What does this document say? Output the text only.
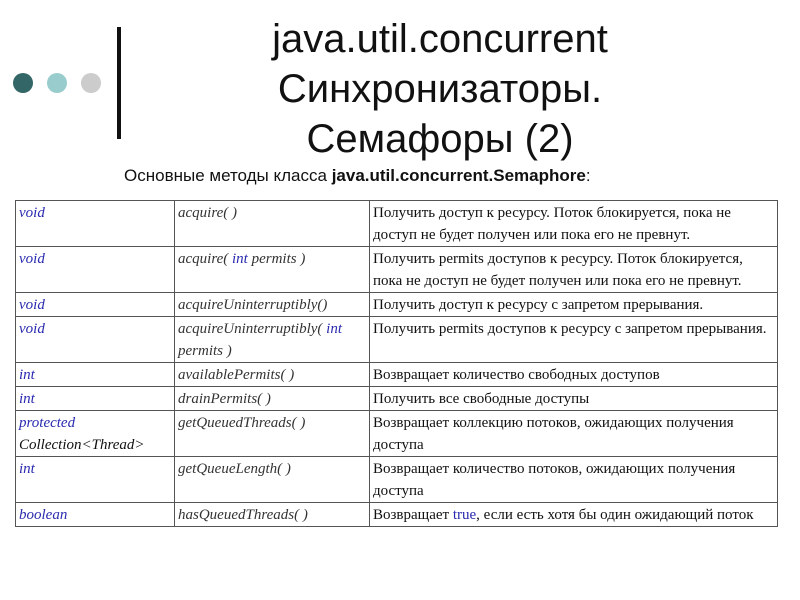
java.util.concurrent
Синхронизаторы.
Семафоры (2)
Основные методы класса java.util.concurrent.Semaphore:
void	acquire( )	Получить доступ к ресурсу. Поток блокируется, пока не доступ не будет получен или пока его не превнут.
void	acquire( int permits )	Получить permits доступов к ресурсу. Поток блокируется, пока не доступ не будет получен или пока его не превнут.
void	acquireUninterruptibly()	Получить доступ к ресурсу с запретом прерывания.
void	acquireUninterruptibly( int permits )	Получить permits доступов к ресурсу с запретом прерывания.
int	availablePermits( )	Возвращает количество свободных доступов
int	drainPermits( )	Получить все свободные доступы
protected Collection<Thread>	getQueuedThreads( )	Возвращает коллекцию потоков, ожидающих получения доступа
int	getQueueLength( )	Возвращает количество потоков, ожидающих получения доступа
boolean	hasQueuedThreads( )	Возвращает true, если есть хотя бы один ожидающий поток
